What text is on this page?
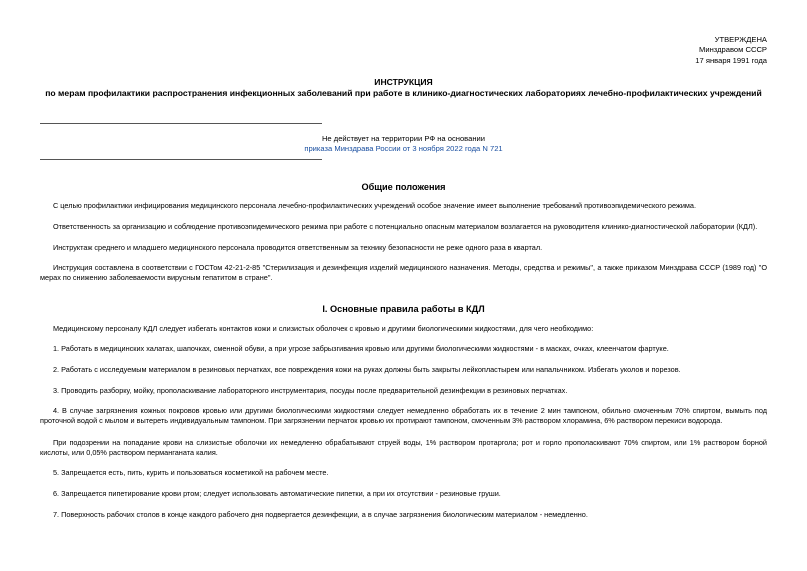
УТВЕРЖДЕНА
Минздравом СССР
17 января 1991 года
ИНСТРУКЦИЯ
по мерам профилактики распространения инфекционных заболеваний при работе в клинико-диагностических лабораториях лечебно-профилактических учреждений
Не действует на территории РФ на основании
приказа Минздрава России от 3 ноября 2022 года N 721
Общие положения

С целью профилактики инфицирования медицинского персонала лечебно-профилактических учреждений особое значение имеет выполнение требований противоэпидемического режима.

Ответственность за организацию и соблюдение противоэпидемического режима при работе с потенциально опасным материалом возлагается на руководителя клинико-диагностической лаборатории (КДЛ).

Инструктаж среднего и младшего медицинского персонала проводится ответственным за технику безопасности не реже одного раза в квартал.

Инструкция составлена в соответствии с ГОСТом 42-21-2-85 "Стерилизация и дезинфекция изделий медицинского назначения. Методы, средства и режимы", а также приказом Минздрава СССР (1989 год) "О мерах по снижению заболеваемости вирусным гепатитом в стране".

I. Основные правила работы в КДЛ

Медицинскому персоналу КДЛ следует избегать контактов кожи и слизистых оболочек с кровью и другими биологическими жидкостями, для чего необходимо:

1. Работать в медицинских халатах, шапочках, сменной обуви, а при угрозе забрызгивания кровью или другими биологическими жидкостями - в масках, очках, клеенчатом фартуке.

2. Работать с исследуемым материалом в резиновых перчатках, все повреждения кожи на руках должны быть закрыты лейкопластырем или напальчником. Избегать уколов и порезов.

3. Проводить разборку, мойку, прополаскивание лабораторного инструментария, посуды после предварительной дезинфекции в резиновых перчатках.

4. В случае загрязнения кожных покровов кровью или другими биологическими жидкостями следует немедленно обработать их в течение 2 мин тампоном, обильно смоченным 70% спиртом, вымыть под проточной водой с мылом и вытереть индивидуальным тампоном. При загрязнении перчаток кровью их протирают тампоном, смоченным 3% раствором хлорамина, 6% раствором перекиси водорода.

При подозрении на попадание крови на слизистые оболочки их немедленно обрабатывают струей воды, 1% раствором протаргола; рот и горло прополаскивают 70% спиртом, или 1% раствором борной кислоты, или 0,05% раствором перманганата калия.

5. Запрещается есть, пить, курить и пользоваться косметикой на рабочем месте.

6. Запрещается пипетирование крови ртом; следует использовать автоматические пипетки, а при их отсутствии - резиновые груши.

7. Поверхность рабочих столов в конце каждого рабочего дня подвергается дезинфекции, а в случае загрязнения биологическим материалом - немедленно.
